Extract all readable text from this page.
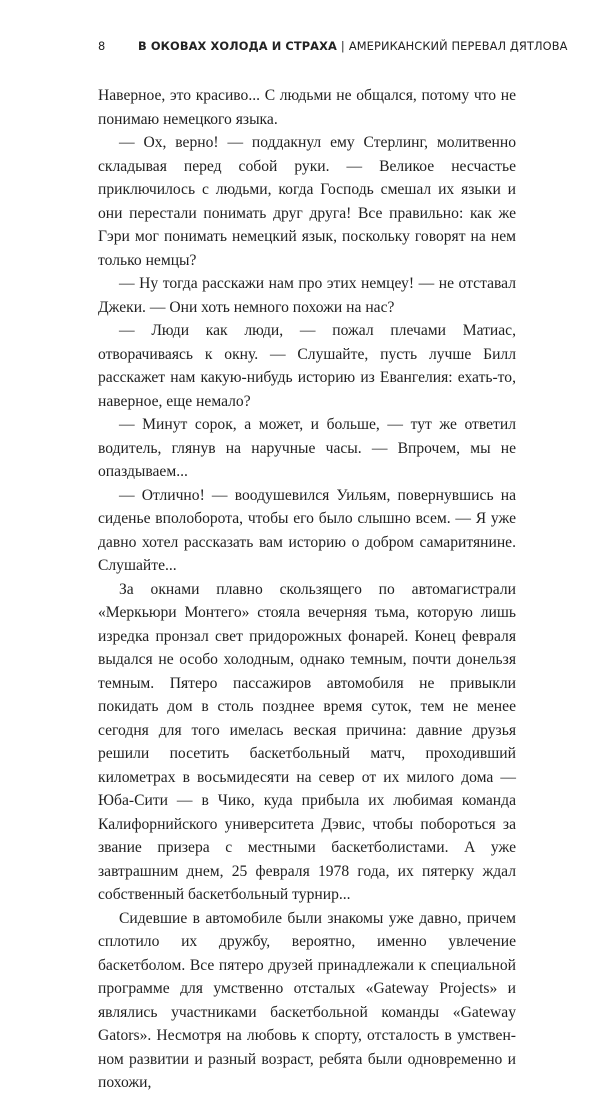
8	В ОКОВАХ ХОЛОДА И СТРАХА | АМЕРИКАНСКИЙ ПЕРЕВАЛ ДЯТЛОВА

Наверное, это красиво... С людьми не общался, потому что не понимаю немецкого языка.

— Ох, верно! — поддакнул ему Стерлинг, молитвенно складывая перед собой руки. — Великое несчастье приключилось с людьми, когда Господь смешал их языки и они перестали понимать друг друга! Все правильно: как же Гэри мог понимать немецкий язык, поскольку говорят на нем только немцы?

— Ну тогда расскажи нам про этих немцеу! — не отставал Джеки. — Они хоть немного похожи на нас?

— Люди как люди, — пожал плечами Матиас, отворачиваясь к окну. — Слушайте, пусть лучше Билл расскажет нам какую-нибудь историю из Евангелия: ехать-то, наверное, еще немало?

— Минут сорок, а может, и больше, — тут же ответил водитель, глянув на наручные часы. — Впрочем, мы не опаздываем...

— Отлично! — воодушевился Уильям, повернувшись на сиденье вполоборота, чтобы его было слышно всем. — Я уже давно хотел рассказать вам историю о добром самаритянине. Слушайте...

За окнами плавно скользящего по автомагистрали «Меркьюри Монтего» стояла вечерняя тьма, которую лишь изредка пронзал свет придорожных фонарей. Конец февраля выдался не особо холодным, однако темным, почти донельзя темным. Пятеро пассажиров автомобиля не привыкли покидать дом в столь позднее время суток, тем не менее сегодня для того имелась веская причина: давние друзья решили посетить баскетбольный матч, проходивший километрах в восьмидесяти на север от их милого дома — Юба-Сити — в Чико, куда прибыла их любимая команда Калифорнийского университета Дэвис, чтобы побороться за звание призера с местными баскетболистами. А уже завтрашним днем, 25 февраля 1978 года, их пятерку ждал собственный баскетбольный турнир...

Сидевшие в автомобиле были знакомы уже давно, причем сплотило их дружбу, вероятно, именно увлечение баскетболом. Все пятеро друзей принадлежали к специальной программе для умственно отсталых «Gateway Projects» и являлись участниками баскетбольной команды «Gateway Gators». Несмотря на любовь к спорту, отсталость в умственном развитии и разный возраст, ребята были одновременно и похожи,
